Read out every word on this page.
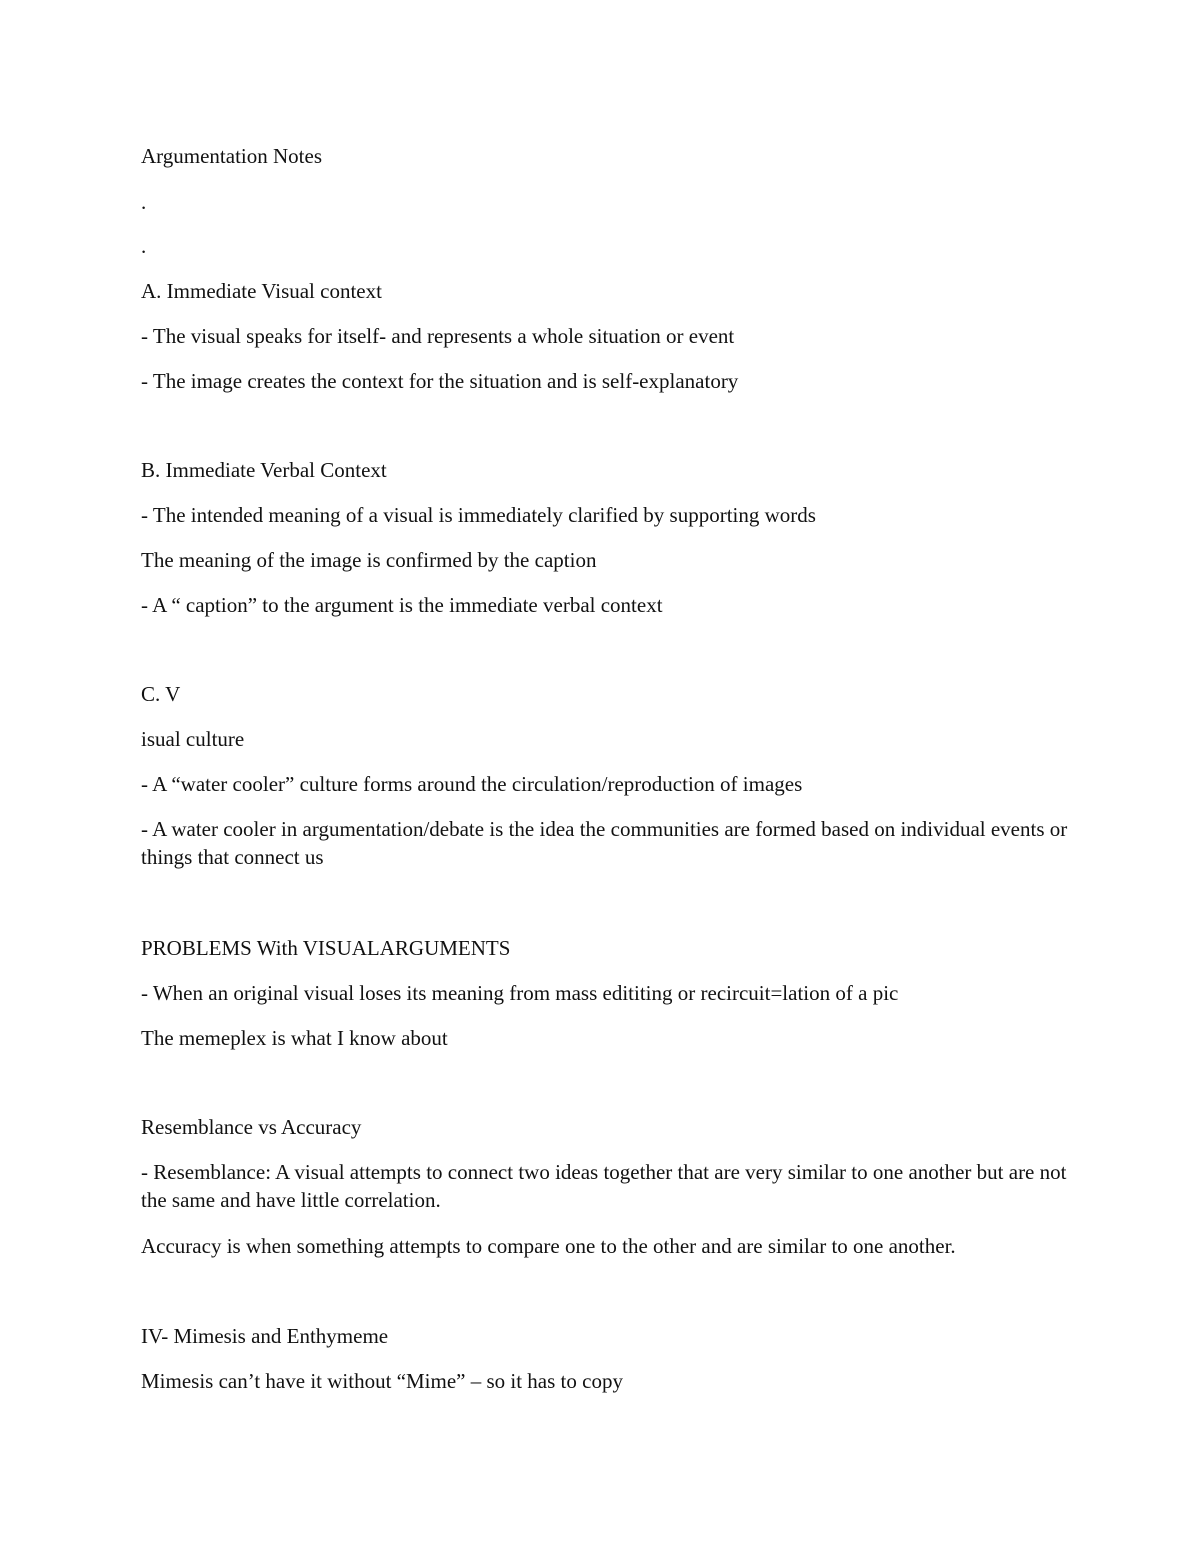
Argumentation Notes

.

.

A. Immediate Visual context

- The visual speaks for itself- and represents a whole situation or event

- The image creates the context for the situation and is self-explanatory

B. Immediate Verbal Context

- The intended meaning of a visual is immediately clarified by supporting words

The meaning of the image is confirmed by the caption

- A “ caption” to the argument is the immediate verbal context

C. V

isual culture

- A “water cooler” culture forms around the circulation/reproduction of images

- A water cooler in argumentation/debate is the idea the communities are formed based on individual events or things that connect us

PROBLEMS With VISUALARGUMENTS

- When an original visual loses its meaning from mass edititing or recircuit=lation of a pic

The memeplex is what I know about

Resemblance vs Accuracy

- Resemblance: A visual attempts to connect two ideas together that are very similar to one another but are not the same and have little correlation.

Accuracy is when something attempts to compare one to the other and are similar to one another.

IV- Mimesis and Enthymeme

Mimesis can’t have it without “Mime” – so it has to copy
